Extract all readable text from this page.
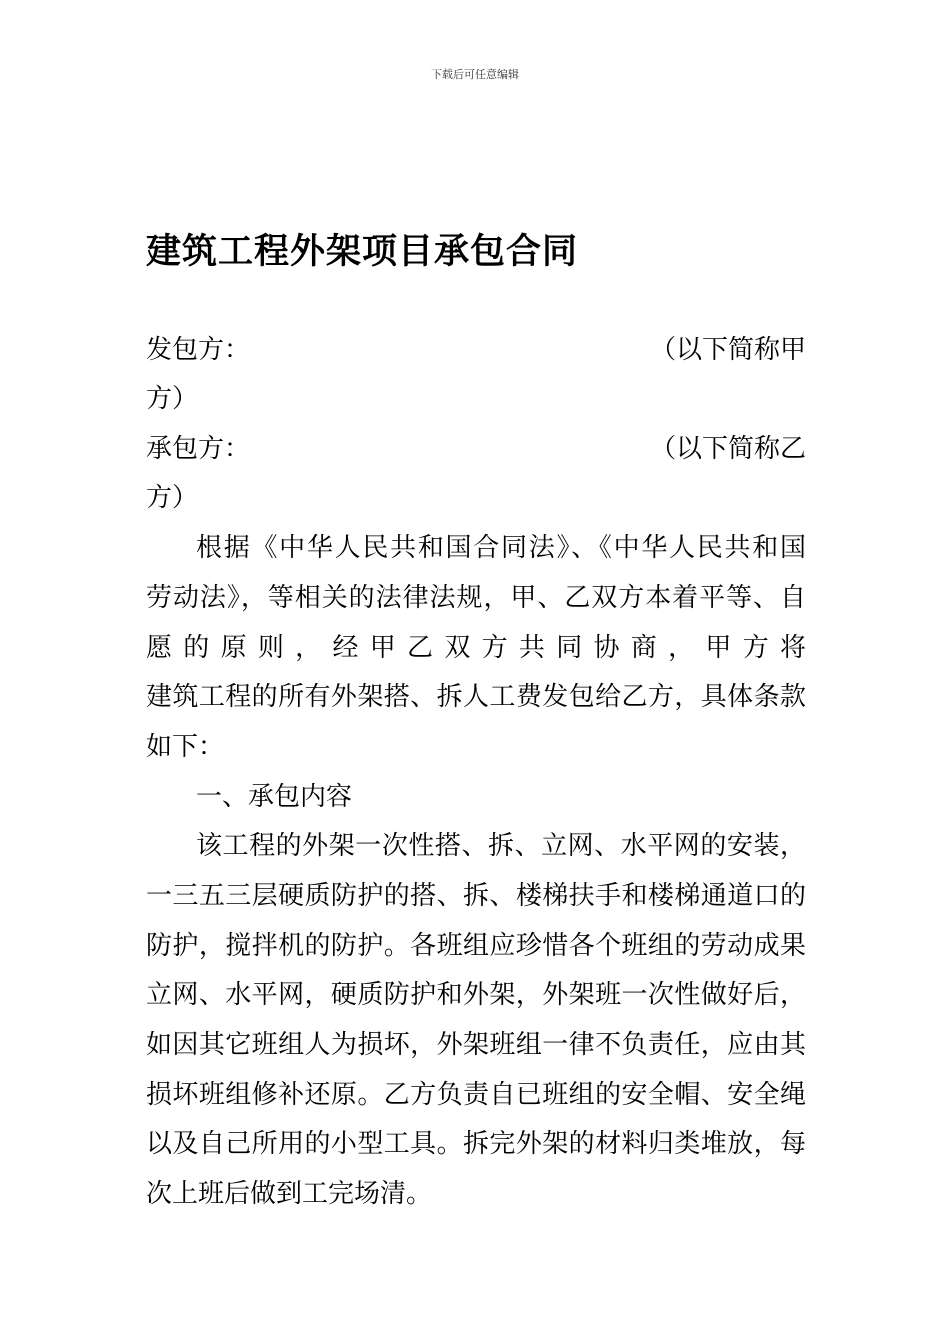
下载后可任意编辑
建筑工程外架项目承包合同
发包方：	（以下简称甲
方）
承包方：	（以下简称乙
方）
根据《中华人民共和国合同法》、《中华人民共和国
劳动法》，等相关的法律法规，甲、乙双方本着平等、自
愿的原则，经甲乙双方共同协商，甲方将
建筑工程的所有外架搭、拆人工费发包给乙方，具体条款
如下：
一、承包内容
该工程的外架一次性搭、拆、立网、水平网的安装，
一三五三层硬质防护的搭、拆、楼梯扶手和楼梯通道口的
防护，搅拌机的防护。各班组应珍惜各个班组的劳动成果
立网、水平网，硬质防护和外架，外架班一次性做好后，
如因其它班组人为损坏，外架班组一律不负责任，应由其
损坏班组修补还原。乙方负责自已班组的安全帽、安全绳
以及自己所用的小型工具。拆完外架的材料归类堆放，每
次上班后做到工完场清。
